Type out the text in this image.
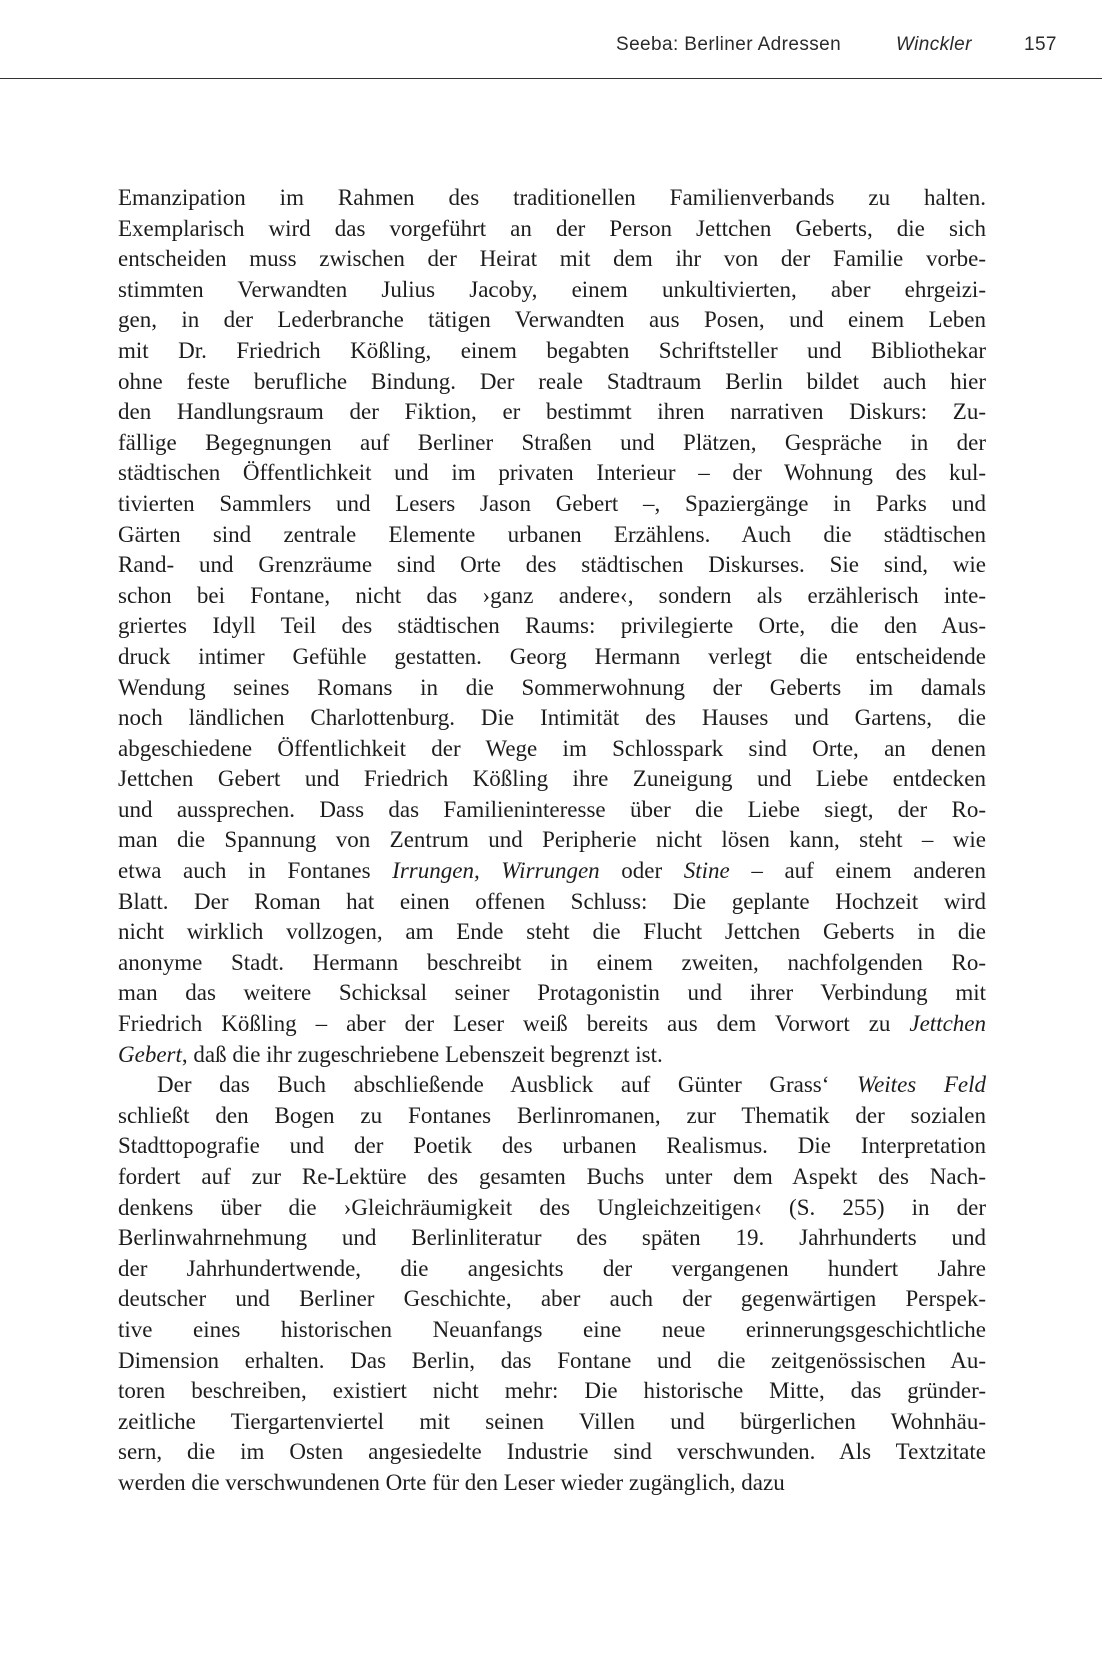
Seeba: Berliner Adressen	Winckler	157
Emanzipation im Rahmen des traditionellen Familienverbands zu halten.
Exemplarisch wird das vorgeführt an der Person Jettchen Geberts, die sich
entscheiden muss zwischen der Heirat mit dem ihr von der Familie vorbe-
stimmten Verwandten Julius Jacoby, einem unkultivierten, aber ehrgeizi-
gen, in der Lederbranche tätigen Verwandten aus Posen, und einem Leben
mit Dr. Friedrich Kößling, einem begabten Schriftsteller und Bibliothekar
ohne feste berufliche Bindung. Der reale Stadtraum Berlin bildet auch hier
den Handlungsraum der Fiktion, er bestimmt ihren narrativen Diskurs: Zu-
fällige Begegnungen auf Berliner Straßen und Plätzen, Gespräche in der
städtischen Öffentlichkeit und im privaten Interieur – der Wohnung des kul-
tivierten Sammlers und Lesers Jason Gebert –, Spaziergänge in Parks und
Gärten sind zentrale Elemente urbanen Erzählens. Auch die städtischen
Rand- und Grenzräume sind Orte des städtischen Diskurses. Sie sind, wie
schon bei Fontane, nicht das ›ganz andere‹, sondern als erzählerisch inte-
griertes Idyll Teil des städtischen Raums: privilegierte Orte, die den Aus-
druck intimer Gefühle gestatten. Georg Hermann verlegt die entscheidende
Wendung seines Romans in die Sommerwohnung der Geberts im damals
noch ländlichen Charlottenburg. Die Intimität des Hauses und Gartens, die
abgeschiedene Öffentlichkeit der Wege im Schlosspark sind Orte, an denen
Jettchen Gebert und Friedrich Kößling ihre Zuneigung und Liebe entdecken
und aussprechen. Dass das Familieninteresse über die Liebe siegt, der Ro-
man die Spannung von Zentrum und Peripherie nicht lösen kann, steht – wie
etwa auch in Fontanes Irrungen, Wirrungen oder Stine – auf einem anderen
Blatt. Der Roman hat einen offenen Schluss: Die geplante Hochzeit wird
nicht wirklich vollzogen, am Ende steht die Flucht Jettchen Geberts in die
anonyme Stadt. Hermann beschreibt in einem zweiten, nachfolgenden Ro-
man das weitere Schicksal seiner Protagonistin und ihrer Verbindung mit
Friedrich Kößling – aber der Leser weiß bereits aus dem Vorwort zu Jettchen
Gebert, daß die ihr zugeschriebene Lebenszeit begrenzt ist.
Der das Buch abschließende Ausblick auf Günter Grass‘ Weites Feld
schließt den Bogen zu Fontanes Berlinromanen, zur Thematik der sozialen
Stadttopografie und der Poetik des urbanen Realismus. Die Interpretation
fordert auf zur Re-Lektüre des gesamten Buchs unter dem Aspekt des Nach-
denkens über die ›Gleichräumigkeit des Ungleichzeitigen‹ (S. 255) in der
Berlinwahrnehmung und Berlinliteratur des späten 19. Jahrhunderts und
der Jahrhundertwende, die angesichts der vergangenen hundert Jahre
deutscher und Berliner Geschichte, aber auch der gegenwärtigen Perspek-
tive eines historischen Neuanfangs eine neue erinnerungsgeschichtliche
Dimension erhalten. Das Berlin, das Fontane und die zeitgenössischen Au-
toren beschreiben, existiert nicht mehr: Die historische Mitte, das gründer-
zeitliche Tiergartenviertel mit seinen Villen und bürgerlichen Wohnhäu-
sern, die im Osten angesiedelte Industrie sind verschwunden. Als Textzitate
werden die verschwundenen Orte für den Leser wieder zugänglich, dazu
